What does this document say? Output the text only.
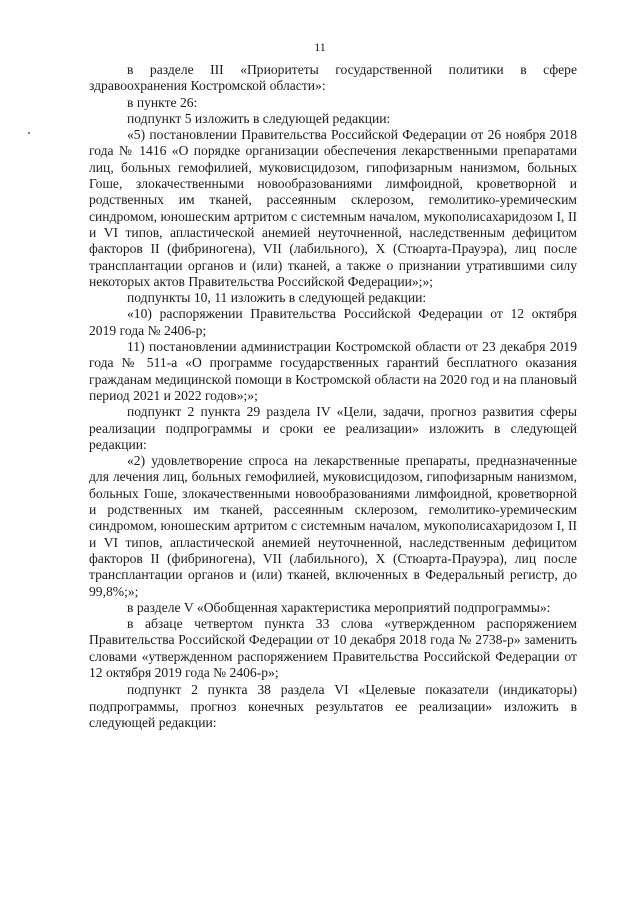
11

в разделе III «Приоритеты государственной политики в сфере здравоохранения Костромской области»:

в пункте 26:

подпункт 5 изложить в следующей редакции:

«5) постановлении Правительства Российской Федерации от 26 ноября 2018 года № 1416 «О порядке организации обеспечения лекарственными препаратами лиц, больных гемофилией, муковисцидозом, гипофизарным нанизмом, больных Гоше, злокачественными новообразованиями лимфоидной, кроветворной и родственных им тканей, рассеянным склерозом, гемолитико-уремическим синдромом, юношеским артритом с системным началом, мукополисахаридозом I, II и VI типов, апластической анемией неуточненной, наследственным дефицитом факторов II (фибриногена), VII (лабильного), X (Стюарта-Прауэра), лиц после трансплантации органов и (или) тканей, а также о признании утратившими силу некоторых актов Правительства Российской Федерации»;»;

подпункты 10, 11 изложить в следующей редакции:

«10) распоряжении Правительства Российской Федерации от 12 октября 2019 года № 2406-р;

11) постановлении администрации Костромской области от 23 декабря 2019 года № 511-а «О программе государственных гарантий бесплатного оказания гражданам медицинской помощи в Костромской области на 2020 год и на плановый период 2021 и 2022 годов»;»;

подпункт 2 пункта 29 раздела IV «Цели, задачи, прогноз развития сферы реализации подпрограммы и сроки ее реализации» изложить в следующей редакции:

«2) удовлетворение спроса на лекарственные препараты, предназначенные для лечения лиц, больных гемофилией, муковисцидозом, гипофизарным нанизмом, больных Гоше, злокачественными новообразованиями лимфоидной, кроветворной и родственных им тканей, рассеянным склерозом, гемолитико-уремическим синдромом, юношеским артритом с системным началом, мукополисахаридозом I, II и VI типов, апластической анемией неуточненной, наследственным дефицитом факторов II (фибриногена), VII (лабильного), X (Стюарта-Прауэра), лиц после трансплантации органов и (или) тканей, включенных в Федеральный регистр, до 99,8%;»;

в разделе V «Обобщенная характеристика мероприятий подпрограммы»:

в абзаце четвертом пункта 33 слова «утвержденном распоряжением Правительства Российской Федерации от 10 декабря 2018 года № 2738-р» заменить словами «утвержденном распоряжением Правительства Российской Федерации от 12 октября 2019 года № 2406-р»;

подпункт 2 пункта 38 раздела VI «Целевые показатели (индикаторы) подпрограммы, прогноз конечных результатов ее реализации» изложить в следующей редакции:
